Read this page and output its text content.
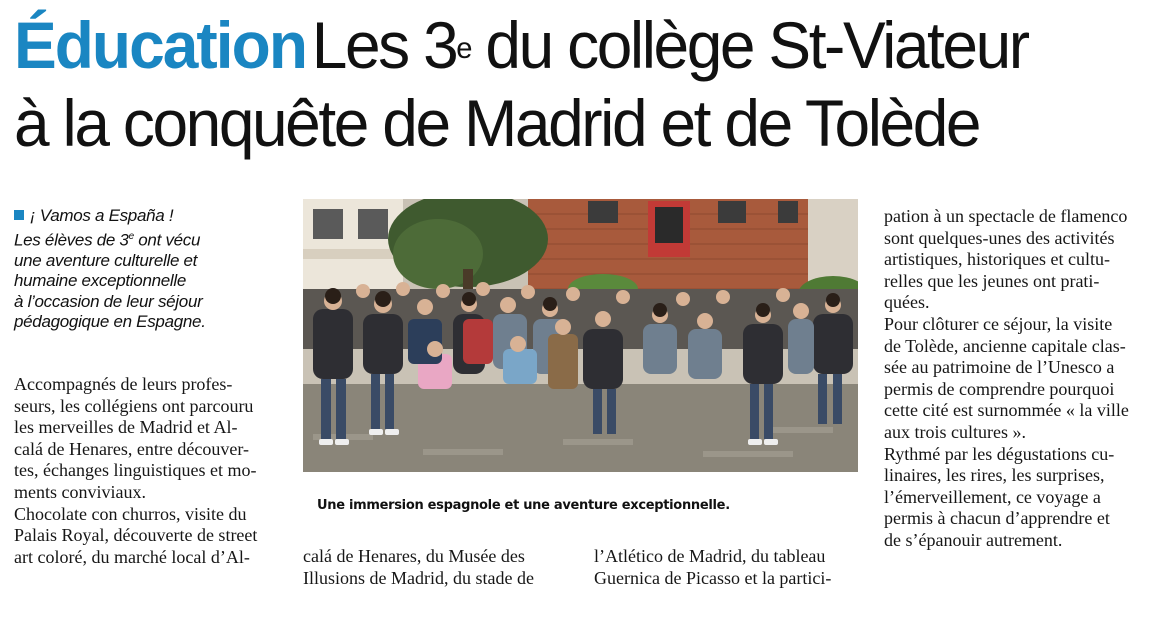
ÉducationLes 3e du collège St-Viateur
à la conquête de Madrid et de Tolède
¡ Vamos a España !
Les élèves de 3e ont vécu
une aventure culturelle et
humaine exceptionnelle
à l’occasion de leur séjour
pédagogique en Espagne.
Une immersion espagnole et une aventure exceptionnelle.

Accompagnés de leurs profes-

seurs, les collégiens ont parcouru

les merveilles de Madrid et Al-

calá de Henares, entre découver-

tes, échanges linguistiques et mo-

ments conviviaux.

Chocolate con churros, visite du

Palais Royal, découverte de street

art coloré, du marché local d’Al-	calá de Henares, du Musée des

Illusions de Madrid, du stade de

l’Atlético de Madrid, du tableau

Guernica de Picasso et la partici-

pation à un spectacle de flamenco

sont quelques-unes des activités

artistiques, historiques et cultu-

relles que les jeunes ont prati-

quées.

Pour clôturer ce séjour, la visite

de Tolède, ancienne capitale clas-

sée au patrimoine de l’Unesco a

permis de comprendre pourquoi

cette cité est surnommée « la ville

aux trois cultures ».

Rythmé par les dégustations cu-

linaires, les rires, les surprises,

l’émerveillement, ce voyage a

permis à chacun d’apprendre et

de s’épanouir autrement.
